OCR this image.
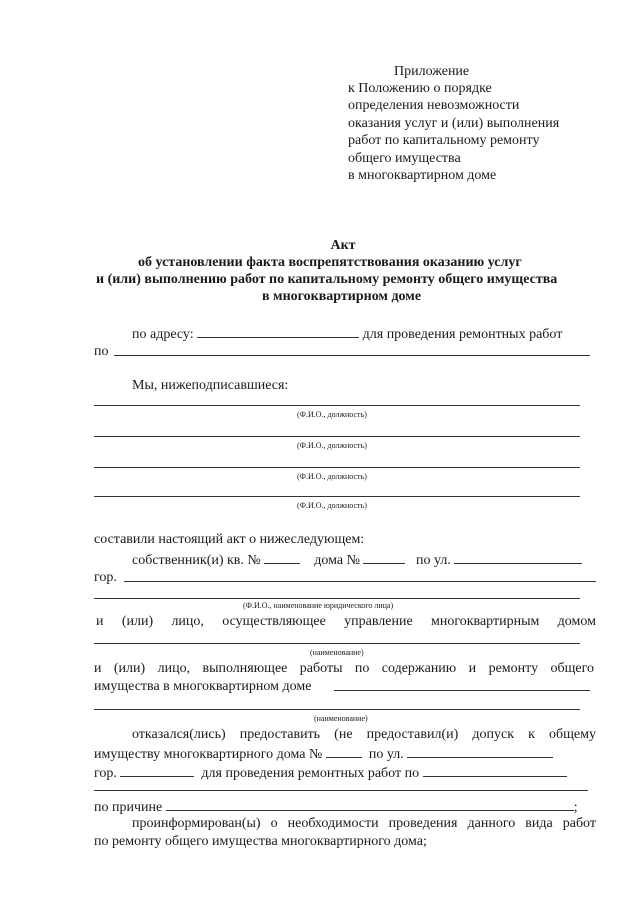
Приложение
к Положению о порядке
определения невозможности
оказания услуг и (или) выполнения
работ по капитальному ремонту
общего имущества
в многоквартирном доме
Акт
об установлении факта воспрепятствования оказанию услуг
и (или) выполнению работ по капитальному ремонту общего имущества
в многоквартирном доме
по адресу:	для проведения ремонтных работ
по
Мы, нижеподписавшиеся:
(Ф.И.О., должность)
(Ф.И.О., должность)
(Ф.И.О., должность)
(Ф.И.О., должность)
составили настоящий акт о нижеследующем:
собственник(и) кв. №	дома №	по ул.
гор.
(Ф.И.О., наименование юридического лица)
и (или) лицо, осуществляющее управление многоквартирным домом
(наименование)
и (или) лицо, выполняющее работы по содержанию и ремонту общего
имущества в многоквартирном доме
(наименование)
отказался(лись) предоставить (не предоставил(и) допуск к общему
имуществу многоквартирного дома №	по ул.
гор.	для проведения ремонтных работ по
по причине	;
проинформирован(ы) о необходимости проведения данного вида работ
по ремонту общего имущества многоквартирного дома;
